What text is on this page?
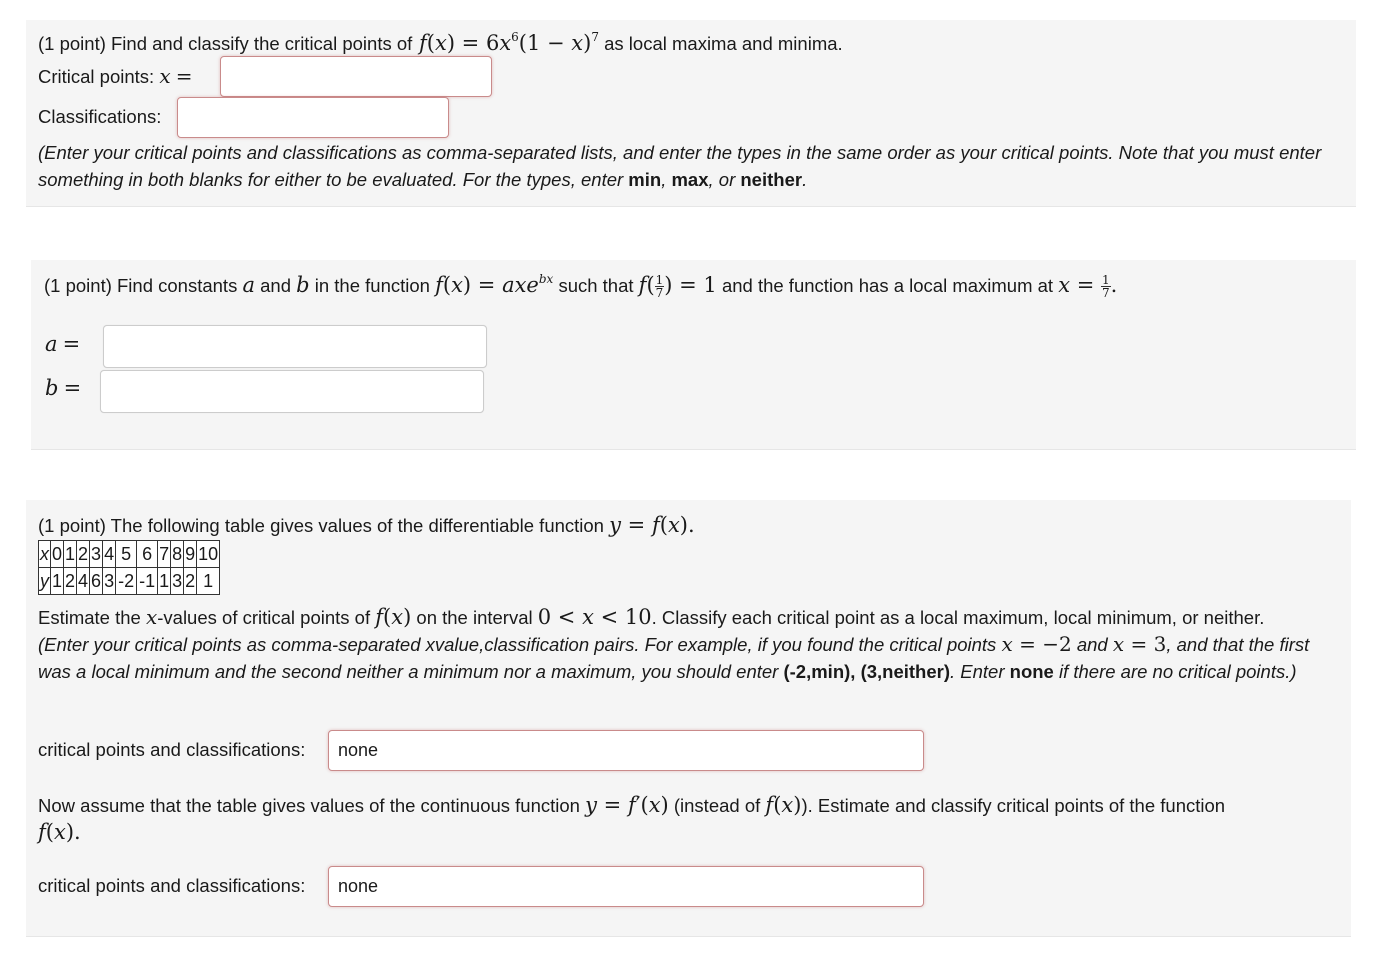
(1 point) Find and classify the critical points of $f(x) = 6x^6(1 - x)^7$ as local maxima and minima.
Critical points: x =
Classifications:
(Enter your critical points and classifications as comma-separated lists, and enter the types in the same order as your critical points. Note that you must enter something in both blanks for either to be evaluated. For the types, enter min, max, or neither.
(1 point) Find constants a and b in the function f(x) = axe$^{bx}$ such that $f( \frac{1}{7}$ ) = 1 and the function has a local maximum at $x = \frac{1}{7}$ .
a =
b =
(1 point) The following table gives values of the differentiable function y = f(x).
x	0	1	2	3	4	5	6	7	8	9	10
y	1	2	4	6	3	-2	-1	1	3	2	1
Estimate the x-values of critical points of f(x) on the interval 0 < x < 10. Classify each critical point as a local maximum, local minimum, or neither.
(Enter your critical points as comma-separated xvalue,classification pairs. For example, if you found the critical points x = −2 and x = 3, and that the first was a local minimum and the second neither a minimum nor a maximum, you should enter (-2,min), (3,neither). Enter none if there are no critical points.)
critical points and classifications:	none
Now assume that the table gives values of the continuous function y = f′(x) (instead of f(x)). Estimate and classify critical points of the function
f(x).
critical points and classifications:	none
